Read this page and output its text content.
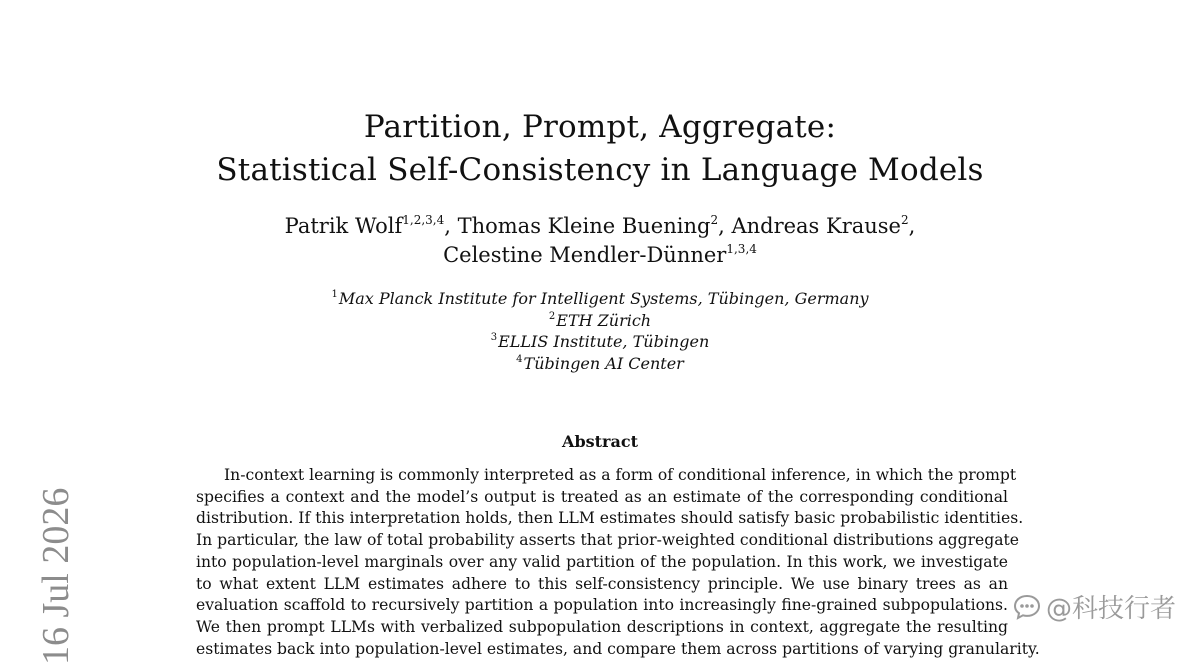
Partition, Prompt, Aggregate:
Statistical Self-Consistency in Language Models
Patrik Wolf$^{1,2,3,4}$, Thomas Kleine Buening$^2$, Andreas Krause$^2$,
Celestine Mendler-Dünner$^{1,3,4}$
$^1$Max Planck Institute for Intelligent Systems, Tübingen, Germany
$^2$ETH Zürich
$^3$ELLIS Institute, Tübingen
$^4$Tübingen AI Center
Abstract
In-context learning is commonly interpreted as a form of conditional inference, in which the prompt
specifies a context and the model’s output is treated as an estimate of the corresponding conditional
distribution. If this interpretation holds, then LLM estimates should satisfy basic probabilistic identities.
In particular, the law of total probability asserts that prior-weighted conditional distributions aggregate
into population-level marginals over any valid partition of the population. In this work, we investigate
to what extent LLM estimates adhere to this self-consistency principle. We use binary trees as an
evaluation scaffold to recursively partition a population into increasingly fine-grained subpopulations.
We then prompt LLMs with verbalized subpopulation descriptions in context, aggregate the resulting
estimates back into population-level estimates, and compare them across partitions of varying granularity.
16 Jul 2026	@科技行者
